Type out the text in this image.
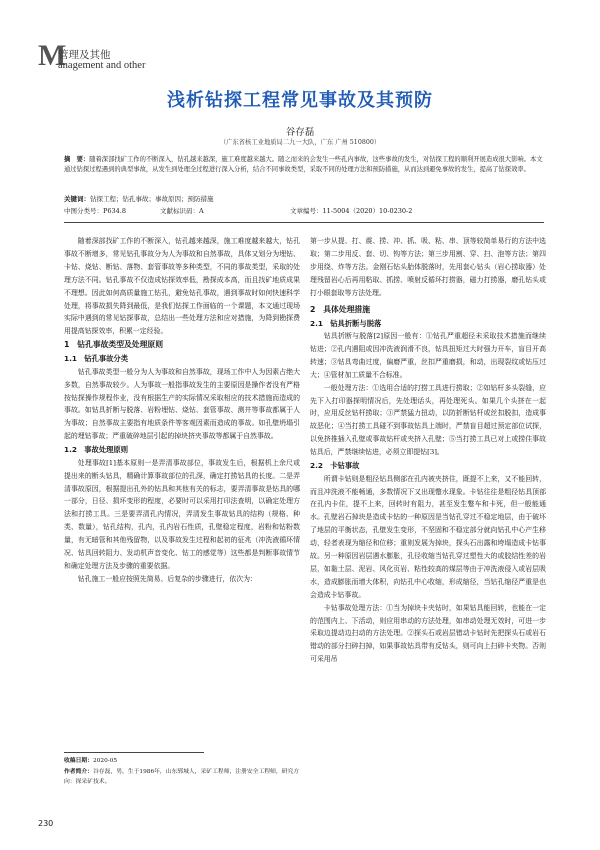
M
管理及其他
anagement and other
浅析钻探工程常见事故及其预防
谷存磊
（广东省核工业地质局二九一大队，广东 广州 510800）
摘　要：随着深部找矿工作的不断深入，钻孔越来越深，施工难度越来越大。随之而来的会发生一些孔内事故，这些事故的发生，对钻探工程的顺利开展造成很大影响。本文通过钻探过程遇到的典型事故，从发生到处理全过程进行深入分析，结合不同事故类型，采取不同的处理方法和预防措施，从而达到避免事故的发生，提高了钻探效率。
关键词：钻探工程；钻孔事故；事故原因；预防措施
中图分类号：P634.8	文献标识码：A	文章编号：11-5004（2020）10-0230-2

随着深部找矿工作的不断深入，钻孔越来越深，施工难度越来越大，钻孔事故不断增多，常见钻孔事故分为人为事故和自然事故，具体又划分为埋钻、卡钻、烧钻、断钻、落物、套管事故等多种类型，不同的事故类型，采取的处理方法不同。钻孔事故不仅造成钻探效率低，勘探成本高，而且找矿地质成果不理想。因此如何高质量施工钻孔，避免钻孔事故，遇到事故时如何快速科学处理，将事故损失降到最低，是我们钻探工作面临的一个课题，本文通过现场实际中遇到的常见钻探事故，总结出一些处理方法和应对措施，为降到勘探费用提高钻探效率，积累一定经验。

1　钻孔事故类型及处理原则
1.1　钻孔事故分类

钻孔事故类型一般分为人为事故和自然事故，现场工作中人为因素占绝大多数，自然事故较少。人为事故一般指事故发生的主要原因是操作者没有严格按钻探操作规程作业，没有根据生产的实际情况采取相应的技术措施而造成的事故。如钻具折断与脱落、岩粉埋钻、烧钻、套管事故、测井等事故都属于人为事故；自然事故主要指有地质条件等客观因素而造成的事故。如孔壁坍塌引起的埋钻事故；严重破碎地层引起的掉块挤夹事故等都属于自然事故。

1.2　事故处理原则

处理事故[1]基本原则一是弄清事故部位，事故发生后，根据机上余尺或提出来的断头钻具，精确计算事故部位的孔深，确定打捞钻具的长度。二是弄清事故原因，根据提出孔外的钻具和其他有关的标志，要弄清事故是钻具的哪一部分，日径、损坏变形的程度，必要时可以采用打印法查明，以确定处理方法和打捞工具。三是要弄清孔内情况，弄清发生事故钻具的结构（规格、种类、数量），钻孔结构，孔内，孔内岩石性质，孔壁稳定程度，岩粉和钻粉数量，有无暗管和其他残留物，以及事故发生过程和起初的征兆（冲洗液循环情况、钻具回转阻力、发动机声音变化、钻工的感觉等）这些都是判断事故情节和确定处理方法及步骤的重要依据。

钻孔施工一般应按照先简易、后复杂的步骤进行，依次为：

第一步从提、打、震、捞、冲、抓、吸、粘、串、顶等较简单易行的方法中选取；第二步用反、套、切、钩等方法；第三步用割、穿、扫、泡等方法；第四步用绕、炸等方法。金刚石钻头胎体脱落时，先用套心钻头（岩心捞取器）处理残留岩心后再用粘取、抓捞、喷射反循环打捞器，磁力打捞器，磨孔钻头或打小眼套取等方法处理。

2　具体处理措施
2.1　钻具折断与脱落

钻具折断与脱落[2]原因一般有：①钻孔严重超径未采取技术措施而继续钻进；②孔内遇阻或因冲洗液润滑不良，钻具扭矩过大时强力开车，盲目开高转速；③钻具弯曲过度，偏磨严重，丝扣严重磨损，和动，出现裂纹或钻压过大；④管材加工质量不合标准。

一般处理方法：①选用合适的打捞工具进行捞取；②如钻杆多头裂缝，应先下入打印器探明情况后，先处理话头，再处理死头。如果几个头挤在一起时，应用反丝钻杆捞取；③严禁猛力扭动，以防折断钻杆或丝扣脱扣，造成事故恶化；④当打捞工具碰不到事故钻具上端时，严禁盲目超过预定部位试探，以免挤推插入孔壁或事故钻杆或夹挤入孔壁；⑤当打捞工具已对上或捞住事故钻具后，严禁继续钻进，必须立即提钻[3]。

2.2　卡钻事故

所谓卡钻则是粗径钻具侧部在孔内被夹挤住，既提不上来，又不能回转，而且冲洗液不能畅通，多数情况下又出现蹩水现象。卡钻往往是粗径钻具顶部在孔内卡住，提不上来，回转时有阻力，甚至发生蹩车和卡死，但一般能通水。孔壁岩石掉块是造成卡钻的一种原因是当钻孔穿过不稳定地层，由于破坏了地层的平衡状态，孔壁发生变形，不坚固和不稳定部分就向钻孔中心产生移动，轻者表现为缩径和位移；重则发展为掉块，探头石出露和垮塌造成卡钻事故。另一种原因岩层遇水膨胀，孔径收缩当钻孔穿过塑性大的或胶结性差的岩层，如黏土层、泥岩、风化页岩、粘性较高的煤层等由于冲洗液侵入或岩层吸水，造成膨胀而增大体积，向钻孔中心收缩，形成缩径，当钻孔缩径严重是也会造成卡钻事故。

卡钻事故处理方法：①当为掉块卡夹钻时，如果钻具能回转，也能在一定的范围内上、下活动，则应用串动的方法处理，如串动处理无效时，可进一步采取边提动边扫动的方法处理。②探头石或岩层错动卡钻时先把探头石或岩石错动的部分扫碎扫掉，如果事故钻具带有反钻头，则可向上扫碎卡夹物。否则可采用吊

收稿日期：2020-05
作者简介：谷存磊，男，生于1986年，山东郓城人，采矿工程师，注册安全工程师，研究方向：探采矿技术。
230
